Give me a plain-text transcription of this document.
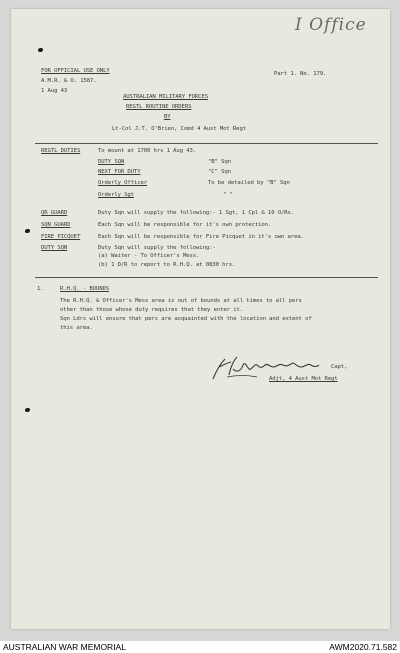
I Office
FOR OFFICIAL USE ONLY
A.M.R. & O. 1587.
1 Aug 43
Part 1. No. 179.
AUSTRALIAN MILITARY FORCES
REGTL ROUTINE ORDERS
BY
Lt-Col J.T. O'Brien, Comd 4 Aust Mot Regt
REGTL DUTIES	To mount at 1700 hrs 1 Aug 43.
DUTY SQN	"B" Sqn
NEXT FOR DUTY	"C" Sqn
Orderly Officer	To be detailed by "B" Sqn
Orderly Sgt	" "
QR GUARD	Duty Sqn will supply the following:- 1 Sgt, 1 Cpl & 10 O/Rs.
SQN GUARD	Each Sqn will be responsible for it's own protection.
FIRE PICQUET	Each Sqn will be responsible for Fire Picquet in it's own area.
DUTY SQN	Duty Sqn will supply the following:-
(a) Waiter - To Officer's Mess.
(b) 1 D/R to report to R.H.Q. at 0830 hrs.
1.	R.H.Q. - BOUNDS
The R.H.Q. & Officer's Mess area is out of bounds at all times to all pers
other than those whose duty requires that they enter it.
Sqn Ldrs will ensure that pers are acquainted with the location and extent of
this area.
Capt,
Adjt, 4 Aust Mot Regt
AUSTRALIAN WAR MEMORIAL	AWM2020.71.582
